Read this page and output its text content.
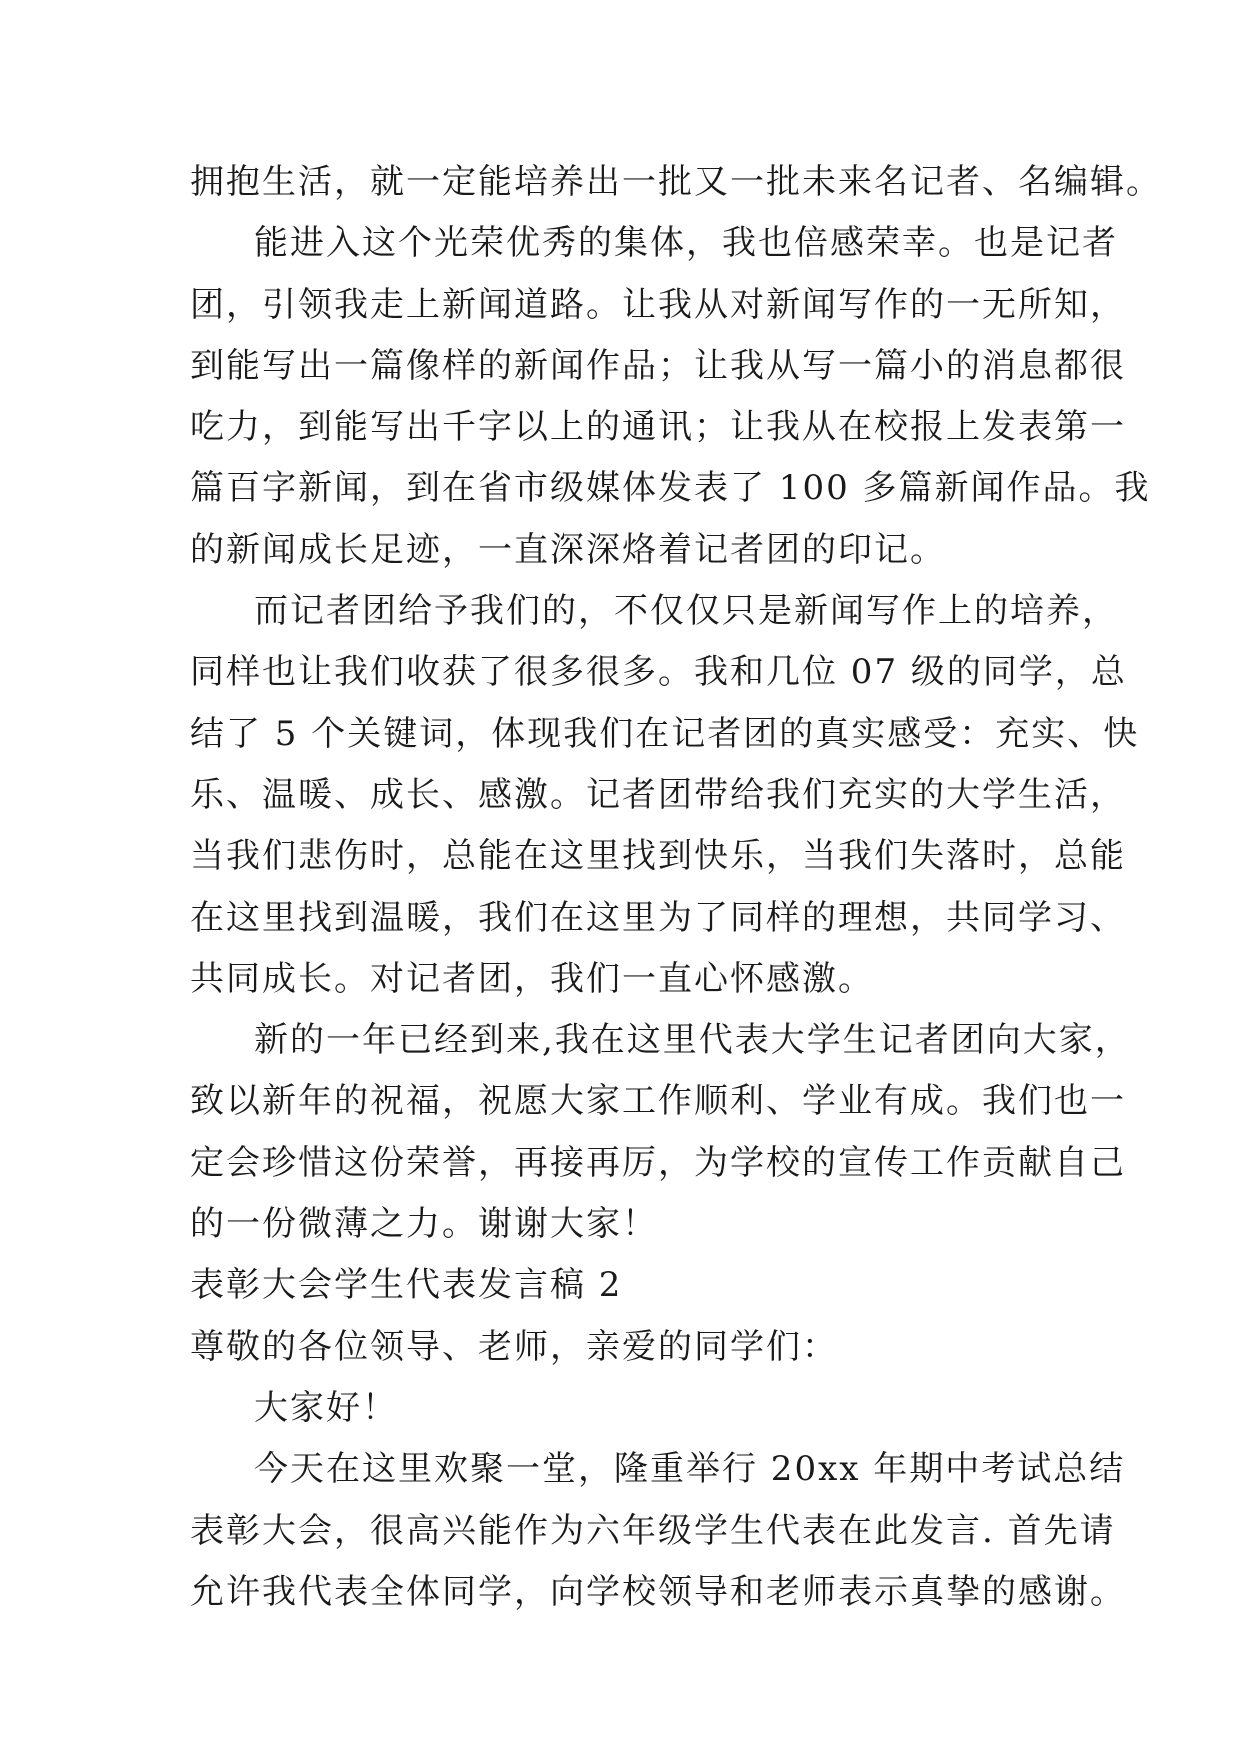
拥抱生活，就一定能培养出一批又一批未来名记者、名编辑。
能进入这个光荣优秀的集体，我也倍感荣幸。也是记者
团，引领我走上新闻道路。让我从对新闻写作的一无所知，
到能写出一篇像样的新闻作品；让我从写一篇小的消息都很
吃力，到能写出千字以上的通讯；让我从在校报上发表第一
篇百字新闻，到在省市级媒体发表了 100 多篇新闻作品。我
的新闻成长足迹，一直深深烙着记者团的印记。
而记者团给予我们的，不仅仅只是新闻写作上的培养，
同样也让我们收获了很多很多。我和几位 07 级的同学，总
结了 5 个关键词，体现我们在记者团的真实感受：充实、快
乐、温暖、成长、感激。记者团带给我们充实的大学生活，
当我们悲伤时，总能在这里找到快乐，当我们失落时，总能
在这里找到温暖，我们在这里为了同样的理想，共同学习、
共同成长。对记者团，我们一直心怀感激。
新的一年已经到来,我在这里代表大学生记者团向大家，
致以新年的祝福，祝愿大家工作顺利、学业有成。我们也一
定会珍惜这份荣誉，再接再厉，为学校的宣传工作贡献自己
的一份微薄之力。谢谢大家！
表彰大会学生代表发言稿 2
尊敬的各位领导、老师，亲爱的同学们：
大家好！
今天在这里欢聚一堂，隆重举行 20xx 年期中考试总结
表彰大会，很高兴能作为六年级学生代表在此发言. 首先请
允许我代表全体同学，向学校领导和老师表示真挚的感谢。
